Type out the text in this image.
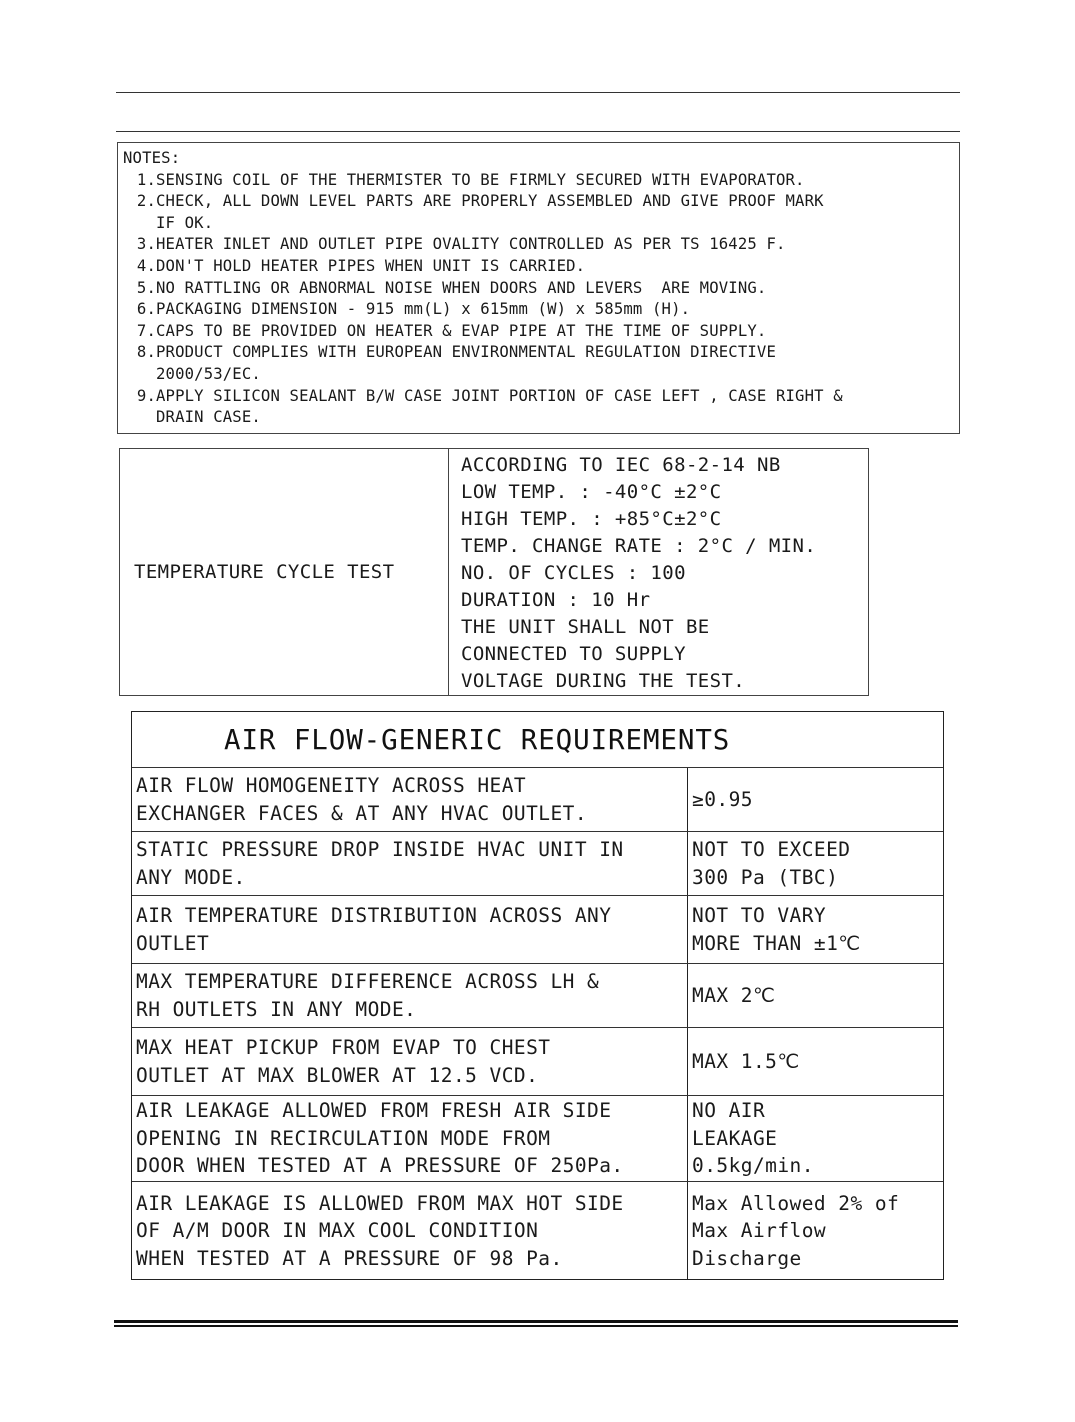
NOTES:
1. SENSING COIL OF THE THERMISTER TO BE FIRMLY SECURED WITH EVAPORATOR.
2. CHECK, ALL DOWN LEVEL PARTS ARE PROPERLY ASSEMBLED AND GIVE PROOF MARK
IF OK.
3. HEATER INLET AND OUTLET PIPE OVALITY CONTROLLED AS PER TS 16425 F.
4. DON'T HOLD HEATER PIPES WHEN UNIT IS CARRIED.
5. NO RATTLING OR ABNORMAL NOISE WHEN DOORS AND LEVERS  ARE MOVING.
6. PACKAGING DIMENSION - 915 mm(L) x 615mm (W) x 585mm (H).
7. CAPS TO BE PROVIDED ON HEATER & EVAP PIPE AT THE TIME OF SUPPLY.
8. PRODUCT COMPLIES WITH EUROPEAN ENVIRONMENTAL REGULATION DIRECTIVE
2000/53/EC.
9. APPLY SILICON SEALANT B/W CASE JOINT PORTION OF CASE LEFT , CASE RIGHT &
DRAIN CASE.
TEMPERATURE CYCLE TEST
ACCORDING TO IEC 68-2-14 NB
LOW TEMP. : -40°C ±2°C
HIGH TEMP. : +85°C±2°C
TEMP. CHANGE RATE : 2°C / MIN.
NO. OF CYCLES : 100
DURATION : 10 Hr
THE UNIT SHALL NOT BE
CONNECTED TO SUPPLY
VOLTAGE DURING THE TEST.
AIR FLOW-GENERIC REQUIREMENTS
AIR FLOW HOMOGENEITY ACROSS HEAT
EXCHANGER FACES & AT ANY HVAC OUTLET.
≥0.95
STATIC PRESSURE DROP INSIDE HVAC UNIT IN
ANY MODE.
NOT TO EXCEED
300 Pa (TBC)
AIR TEMPERATURE DISTRIBUTION ACROSS ANY
OUTLET
NOT TO VARY
MORE THAN ±1℃
MAX TEMPERATURE DIFFERENCE ACROSS LH &
RH OUTLETS IN ANY MODE.
MAX 2℃
MAX HEAT PICKUP FROM EVAP TO CHEST
OUTLET AT MAX BLOWER AT 12.5 VCD.
MAX 1.5℃
AIR LEAKAGE ALLOWED FROM FRESH AIR SIDE
OPENING IN RECIRCULATION MODE FROM
DOOR WHEN TESTED AT A PRESSURE OF 250Pa.
NO AIR
LEAKAGE
0.5kg/min.
AIR LEAKAGE IS ALLOWED FROM MAX HOT SIDE
OF A/M DOOR IN MAX COOL CONDITION
WHEN TESTED AT A PRESSURE OF 98 Pa.
Max Allowed 2% of
Max Airflow
Discharge
